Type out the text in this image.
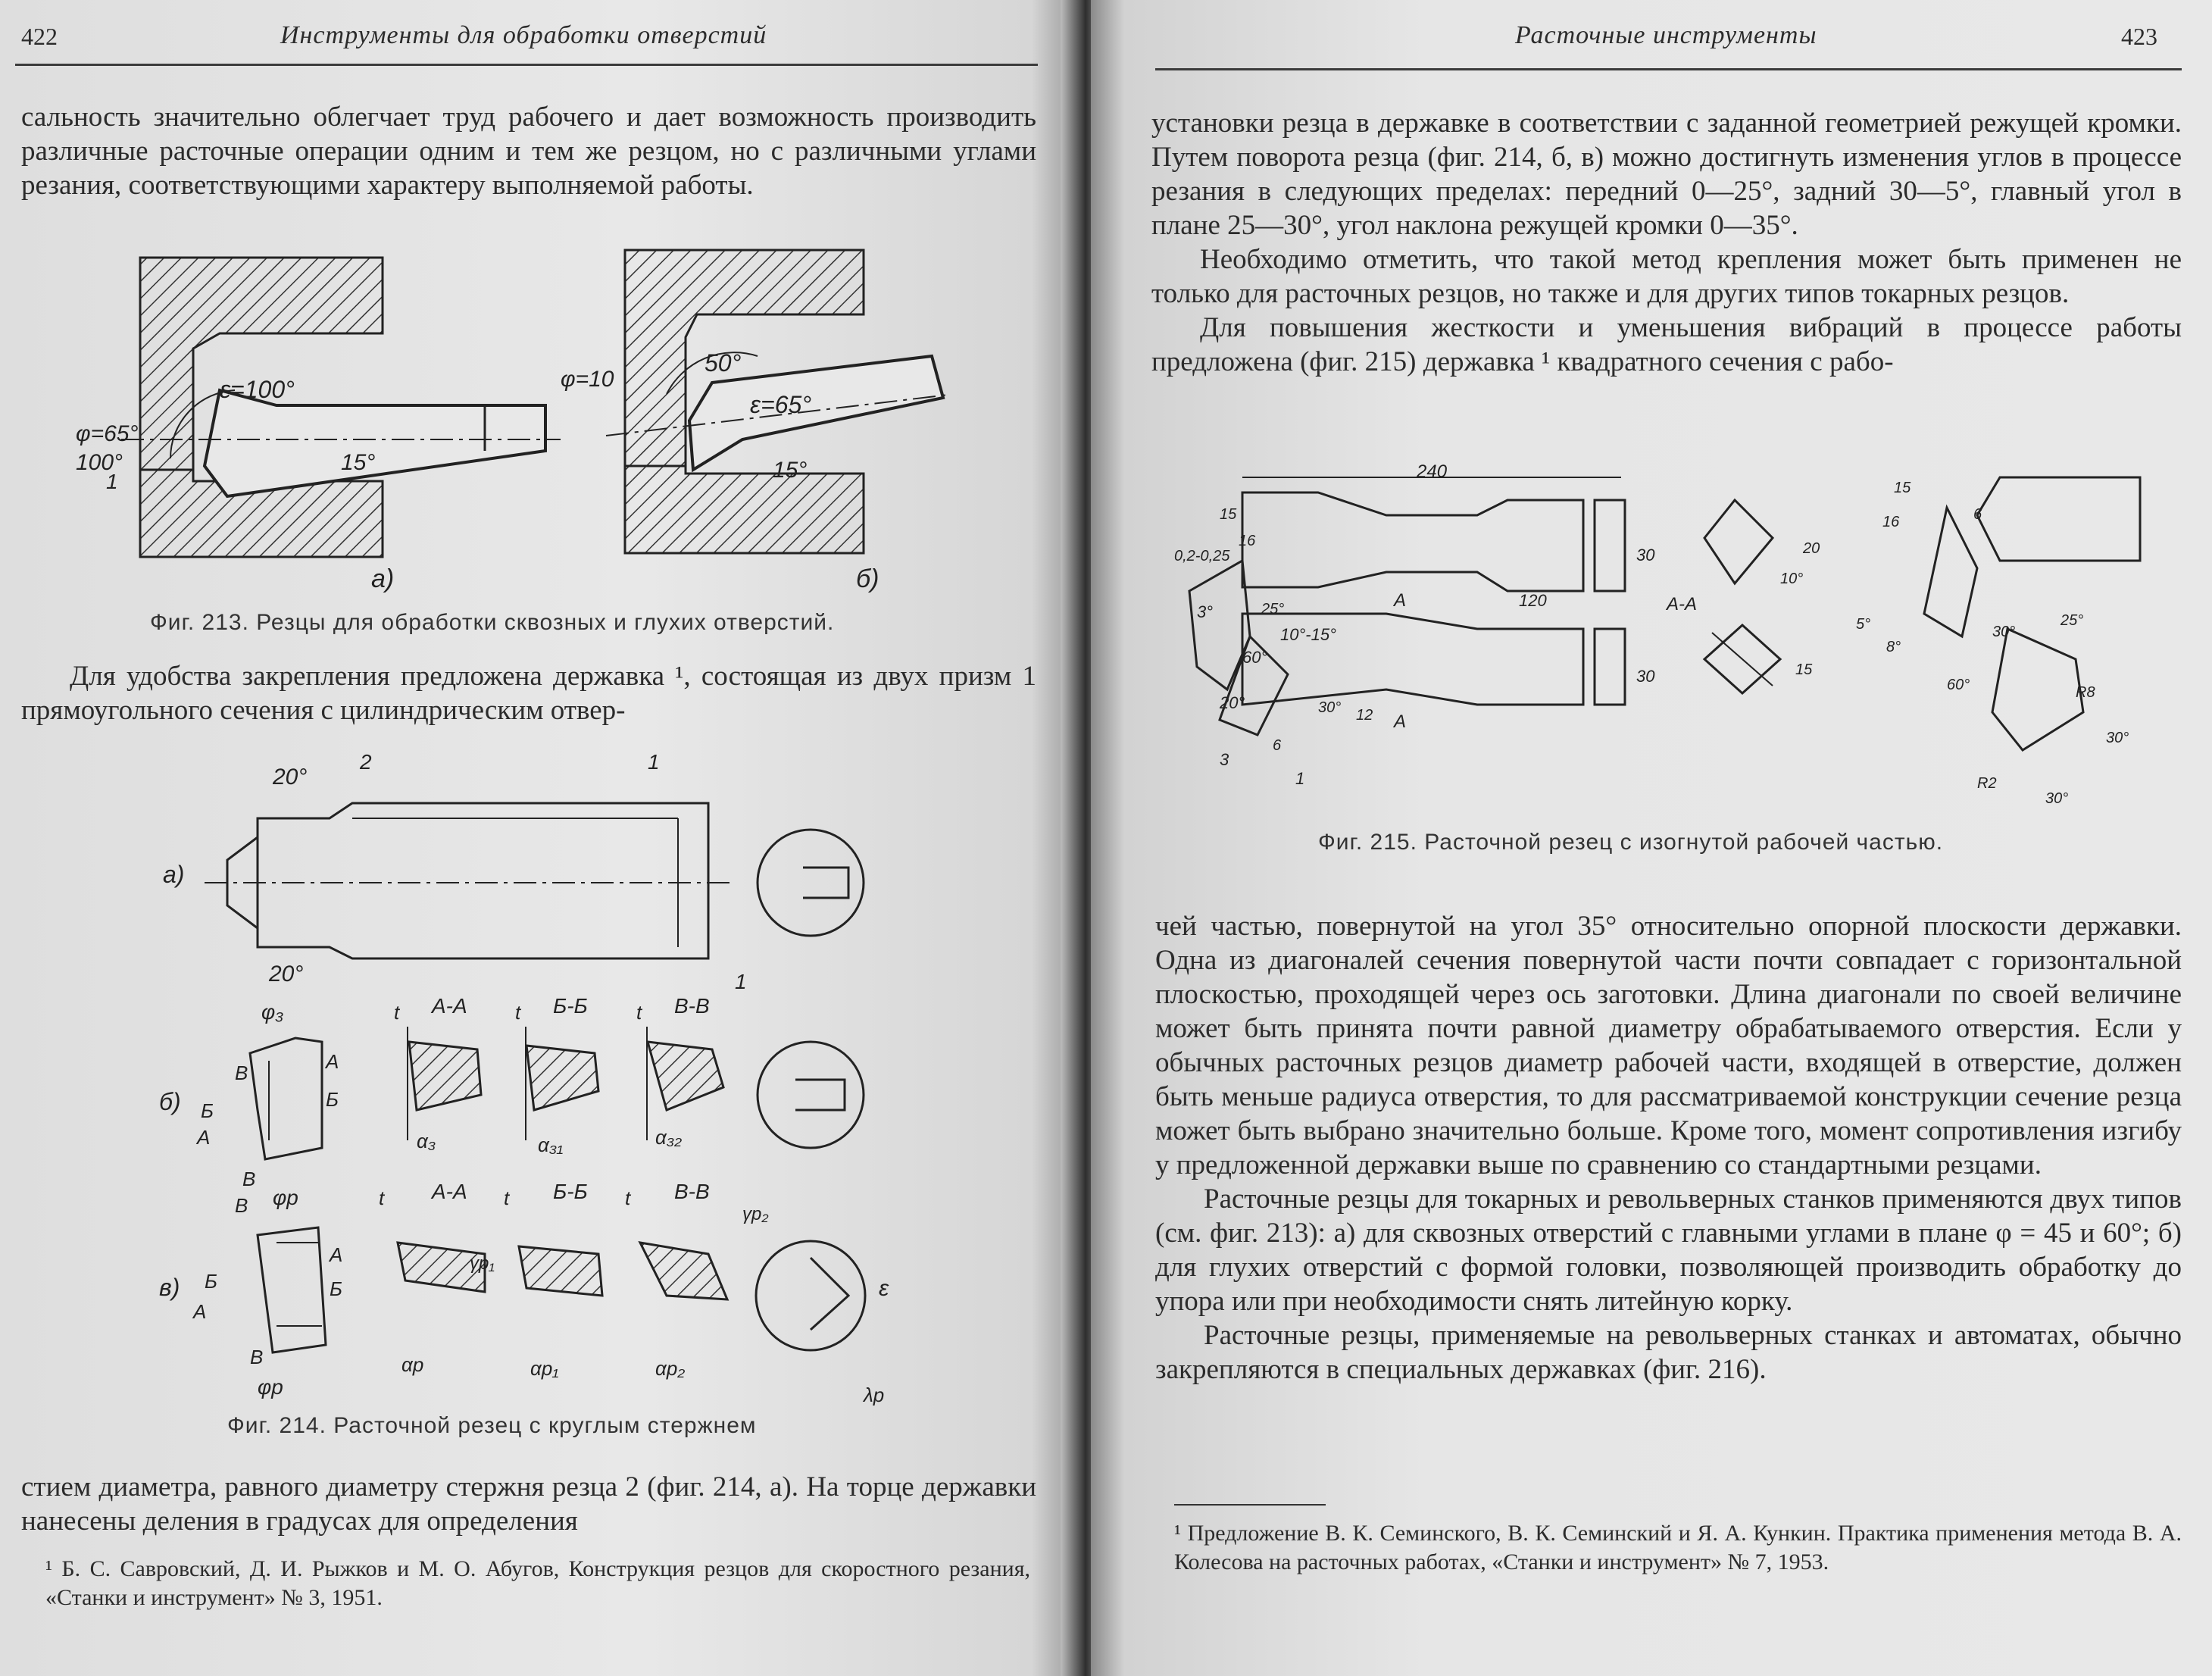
422	Инструменты для обработки отверстий

сальность значительно облегчает труд рабочего и дает возможность производить различные расточные операции одним и тем же резцом, но с различными углами резания, соответствующими характеру выполняемой работы.

ε=100°
φ=65°
100°	15°
1
а)
φ=10
50°
ε=65°
15°
б)
Фиг. 213. Резцы для обработки сквозных и глухих отверстий.

Для удобства закрепления предложена державка ¹, состоящая из двух призм 1 прямоугольного сечения с цилиндрическим отвер-

а)
20°
2	1
1
20°
б)
φ₃
В	А
Б
Б
А
В
t А-А
α₃
t Б-Б
α₃₁
t В-В
α₃₂
в)
φр
В
А
Б
Б
А
В
φр
t А-А
αр
t Б-Б
γр₁
αр₁
t В-В
γр₂
αр₂
ε
λр
Фиг. 214. Расточной резец с круглым стержнем

стием диаметра, равного диаметру стержня резца 2 (фиг. 214, а). На торце державки нанесены деления в градусах для определения

¹ Б. С. Савровский, Д. И. Рыжков и М. О. Абугов, Конструкция резцов для скоростного резания, «Станки и инструмент» № 3, 1951.
Расточные инструменты	423

установки резца в державке в соответствии с заданной геометрией режущей кромки. Путем поворота резца (фиг. 214, б, в) можно достигнуть изменения углов в процессе резания в следующих пределах: передний 0—25°, задний 30—5°, главный угол в плане 25—30°, угол наклона режущей кромки 0—35°.

Необходимо отметить, что такой метод крепления может быть применен не только для расточных резцов, но также и для других типов токарных резцов.

Для повышения жесткости и уменьшения вибраций в процессе работы предложена (фиг. 215) державка ¹ квадратного сечения с рабо-

240
30
30
120
А
А
10°-15°
25°
60°
20°
3°
0,2-0,25
15
16
30° 12
6
3
1
А-А
10°
20
15
15
16	6
5°
8°
30°
25°
60°	R8
30°
R2
30°
Фиг. 215. Расточной резец с изогнутой рабочей частью.

чей частью, повернутой на угол 35° относительно опорной плоскости державки. Одна из диагоналей сечения повернутой части почти совпадает с горизонтальной плоскостью, проходящей через ось заготовки. Длина диагонали по своей величине может быть принята почти равной диаметру обрабатываемого отверстия. Если у обычных расточных резцов диаметр рабочей части, входящей в отверстие, должен быть меньше радиуса отверстия, то для рассматриваемой конструкции сечение резца может быть выбрано значительно больше. Кроме того, момент сопротивления изгибу у предложенной державки выше по сравнению со стандартными резцами.

Расточные резцы для токарных и револьверных станков применяются двух типов (см. фиг. 213): а) для сквозных отверстий с главными углами в плане φ = 45 и 60°; б) для глухих отверстий с формой головки, позволяющей производить обработку до упора или при необходимости снять литейную корку.

Расточные резцы, применяемые на револьверных станках и автоматах, обычно закрепляются в специальных державках (фиг. 216).

¹ Предложение В. К. Семинского, В. К. Семинский и Я. А. Кункин. Практика применения метода В. А. Колесова на расточных работах, «Станки и инструмент» № 7, 1953.
